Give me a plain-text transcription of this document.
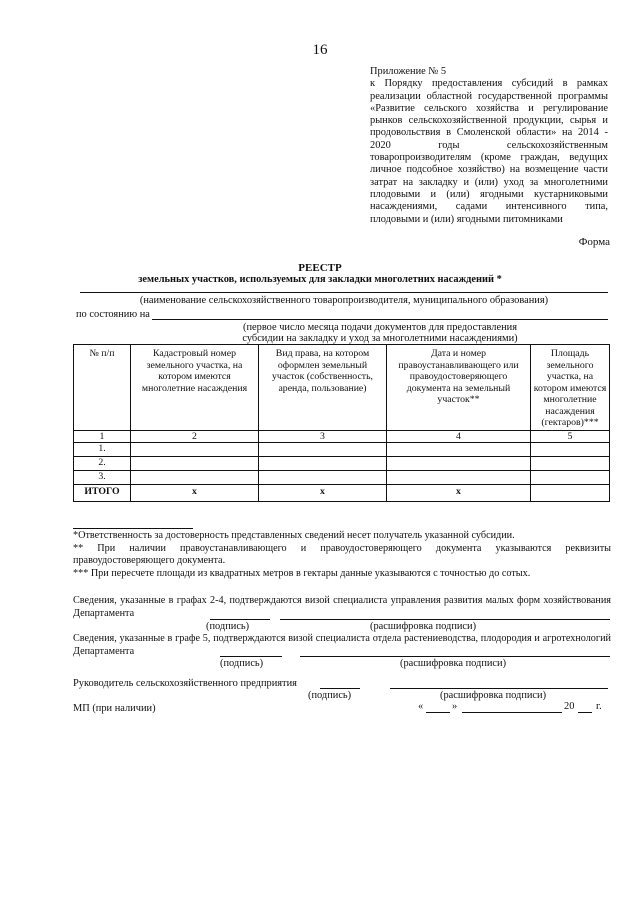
16
Приложение № 5
к Порядку предоставления субсидий в рамках реализации областной государственной программы «Развитие сельского хозяйства и регулирование рынков сельскохозяйственной продукции, сырья и продовольствия в Смоленской области» на 2014 - 2020 годы сельскохозяйственным товаропроизводителям (кроме граждан, ведущих личное подсобное хозяйство) на возмещение части затрат на закладку и (или) уход за многолетними плодовыми и (или) ягодными кустарниковыми насаждениями, садами интенсивного типа, плодовыми и (или) ягодными питомниками
Форма
РЕЕСТР
земельных участков, используемых для закладки многолетних насаждений *
(наименование сельскохозяйственного товаропроизводителя, муниципального образования)
по состоянию на
(первое число месяца подачи документов для предоставления
субсидии на закладку и уход за многолетними насаждениями)
№ п/п	Кадастровый номер земельного участка, на котором имеются многолетние насаждения	Вид права, на котором оформлен земельный участок (собственность, аренда, пользование)	Дата и номер правоустанавливающего или правоудостоверяющего документа на земельный участок**	Площадь земельного участка, на котором имеются многолетние насаждения (гектаров)***
1	2	3	4	5
1.				
2.				
3.				
ИТОГО	х	х	х	
*Ответственность за достоверность представленных сведений несет получатель указанной субсидии.
** При наличии правоустанавливающего и правоудостоверяющего документа указываются реквизиты правоудостоверяющего документа.
*** При пересчете площади из квадратных метров в гектары данные указываются с точностью до сотых.
Сведения, указанные в графах 2-4, подтверждаются визой специалиста управления развития малых форм хозяйствования Департамента
(подпись)	(расшифровка подписи)
Сведения, указанные в графе 5, подтверждаются визой специалиста отдела растениеводства, плодородия и агротехнологий Департамента
(подпись)	(расшифровка подписи)
Руководитель сельскохозяйственного предприятия
(подпись)	(расшифровка подписи)
МП (при наличии)	«	»	20 г.
